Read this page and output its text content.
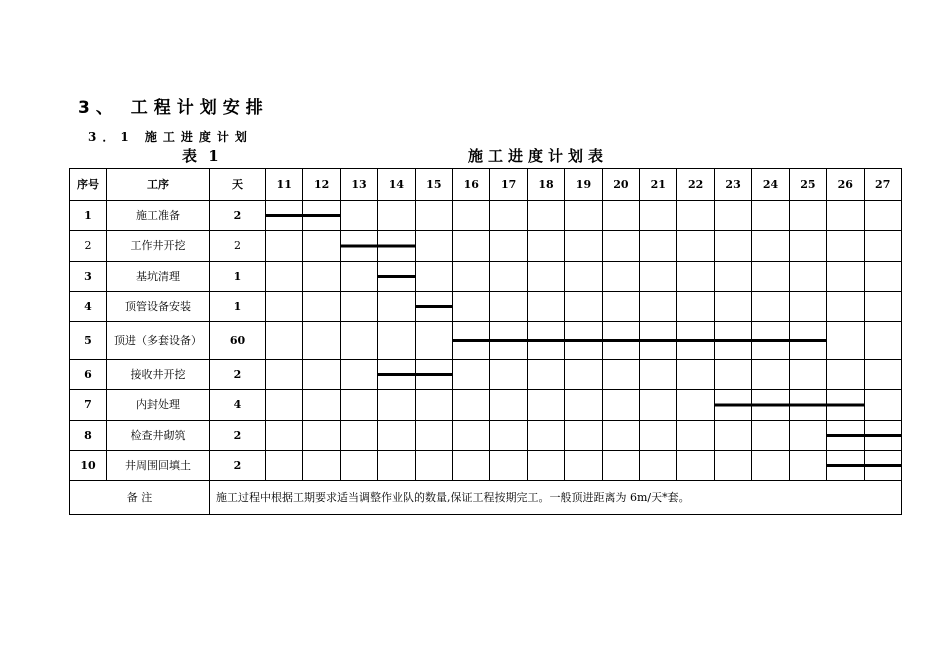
3、 工程计划安排
3．1 施工进度计划
表 1	施工进度计划表
序号	工序	天	11	12	13	14	15	16	17	18	19	20	21	22	23	24	25	26	27
1	施工准备	2																	
2	工作井开挖	2																	
3	基坑清理	1																	
4	顶管设备安装	1																	
5	顶进（多套设备）	60																	
6	接收井开挖	2																	
7	内封处理	4																	
8	检查井砌筑	2																	
10	井周围回填土	2																	
备 注		施工过程中根据工期要求适当调整作业队的数量,保证工程按期完工。一般顶进距离为 6m/天*套。																	
